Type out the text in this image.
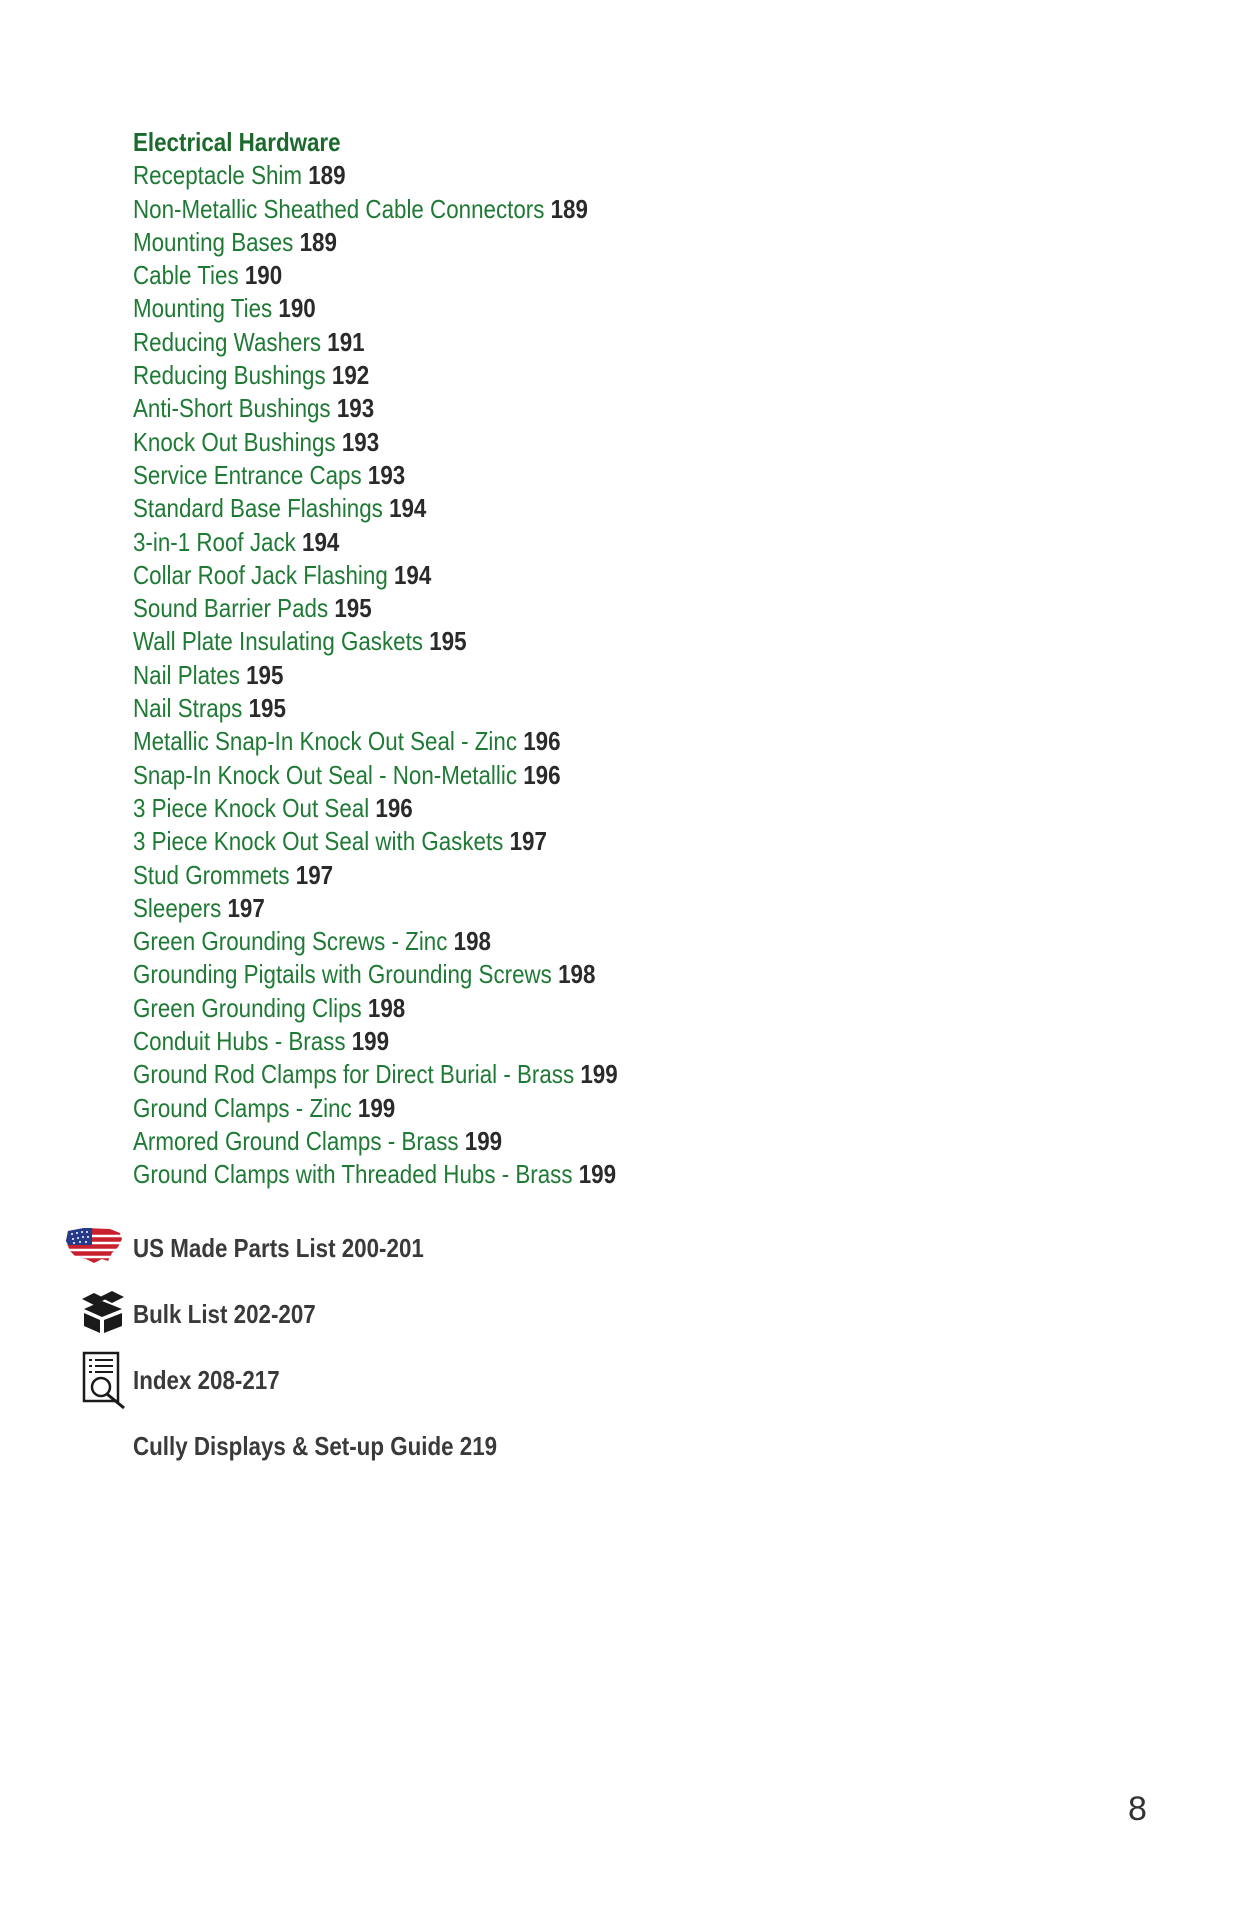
Electrical Hardware
Receptacle Shim 189
Non-Metallic Sheathed Cable Connectors 189
Mounting Bases 189
Cable Ties 190
Mounting Ties 190
Reducing Washers 191
Reducing Bushings 192
Anti-Short Bushings 193
Knock Out Bushings 193
Service Entrance Caps 193
Standard Base Flashings 194
3-in-1 Roof Jack 194
Collar Roof Jack Flashing 194
Sound Barrier Pads 195
Wall Plate Insulating Gaskets 195
Nail Plates 195
Nail Straps 195
Metallic Snap-In Knock Out Seal - Zinc 196
Snap-In Knock Out Seal - Non-Metallic 196
3 Piece Knock Out Seal 196
3 Piece Knock Out Seal with Gaskets 197
Stud Grommets 197
Sleepers 197
Green Grounding Screws - Zinc 198
Grounding Pigtails with Grounding Screws 198
Green Grounding Clips 198
Conduit Hubs - Brass 199
Ground Rod Clamps for Direct Burial - Brass 199
Ground Clamps - Zinc 199
Armored Ground Clamps - Brass 199
Ground Clamps with Threaded Hubs - Brass 199
US Made Parts List 200-201
Bulk List 202-207
Index 208-217
Cully Displays & Set-up Guide 219
8
